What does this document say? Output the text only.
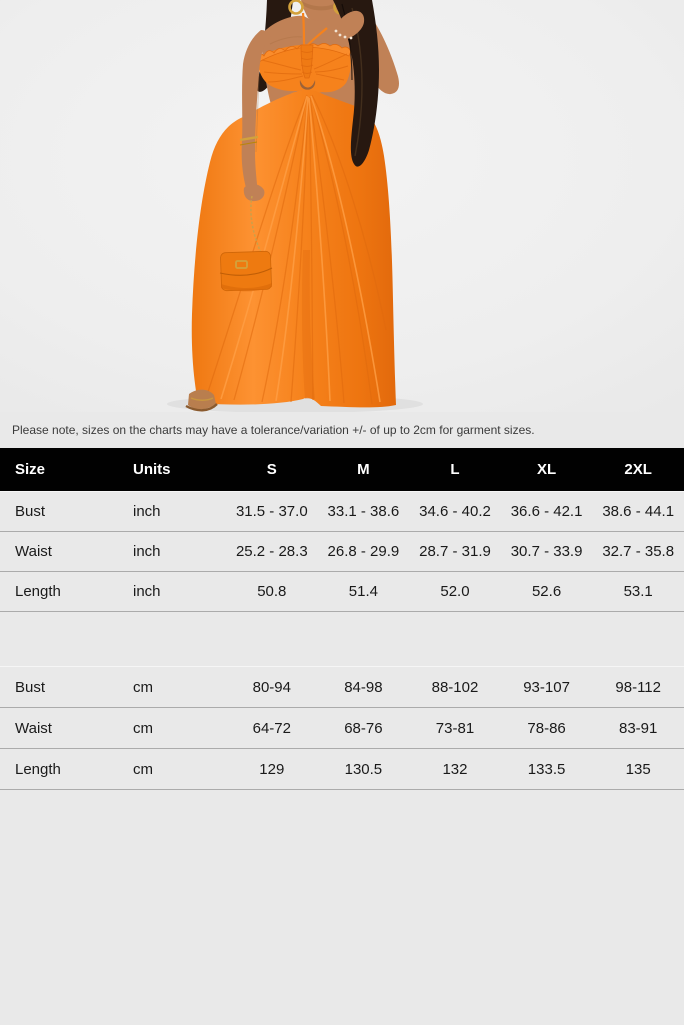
Please note, sizes on the charts may have a tolerance/variation +/- of up to 2cm for garment sizes.

Size	Units	S	M	L	XL	2XL
Bust	inch	31.5 - 37.0	33.1 - 38.6	34.6 - 40.2	36.6 - 42.1	38.6 - 44.1
Waist	inch	25.2 - 28.3	26.8 - 29.9	28.7 - 31.9	30.7 - 33.9	32.7 - 35.8
Length	inch	50.8	51.4	52.0	52.6	53.1
Bust	cm	80-94	84-98	88-102	93-107	98-112
Waist	cm	64-72	68-76	73-81	78-86	83-91
Length	cm	129	130.5	132	133.5	135
